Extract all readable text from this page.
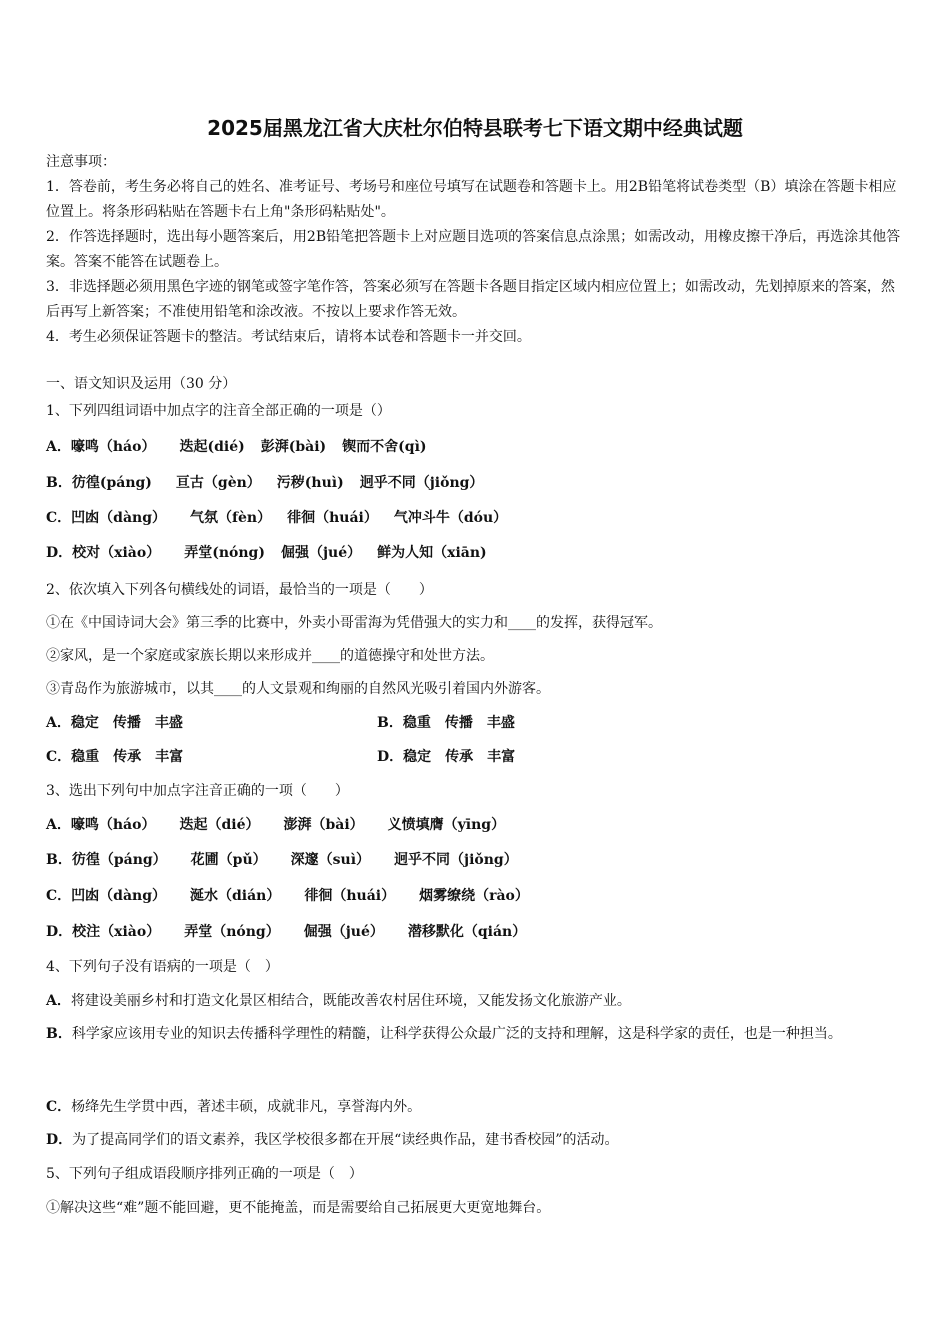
2025届黑龙江省大庆杜尔伯特县联考七下语文期中经典试题

注意事项：

1．答卷前，考生务必将自己的姓名、准考证号、考场号和座位号填写在试题卷和答题卡上。用2B铅笔将试卷类型（B）填涂在答题卡相应位置上。将条形码粘贴在答题卡右上角"条形码粘贴处"。

2．作答选择题时，选出每小题答案后，用2B铅笔把答题卡上对应题目选项的答案信息点涂黑；如需改动，用橡皮擦干净后，再选涂其他答案。答案不能答在试题卷上。

3．非选择题必须用黑色字迹的钢笔或签字笔作答，答案必须写在答题卡各题目指定区域内相应位置上；如需改动，先划掉原来的答案，然后再写上新答案；不准使用铅笔和涂改液。不按以上要求作答无效。

4．考生必须保证答题卡的整洁。考试结束后，请将本试卷和答题卡一并交回。

一、语文知识及运用（30 分）
1、下列四组词语中加点字的注音全部正确的一项是（）
A．嚎鸣（háo） 迭起(dié) 彭湃(bài) 锲而不舍(qì)
B．彷徨(páng) 亘古（gèn） 污秽(huì) 迥乎不同（jiǒng）
C．凹凼（dàng） 气氛（fèn） 徘徊（huái） 气冲斗牛（dóu）
D．校对（xiào） 弄堂(nóng) 倔强（jué） 鲜为人知（xiān)
2、依次填入下列各句横线处的词语，最恰当的一项是（　　）
①在《中国诗词大会》第三季的比赛中，外卖小哥雷海为凭借强大的实力和____的发挥，获得冠军。
②家风，是一个家庭或家族长期以来形成并____的道德操守和处世方法。
③青岛作为旅游城市，以其____的人文景观和绚丽的自然风光吸引着国内外游客。
A．稳定　传播　丰盛	B．稳重　传播　丰盛
C．稳重　传承　丰富	D．稳定　传承　丰富
3、选出下列句中加点字注音正确的一项（　　）
A．嚎鸣（háo） 迭起（dié） 澎湃（bài） 义愤填膺（yīng）
B．彷徨（páng） 花圃（pǔ） 深邃（suì） 迥乎不同（jiǒng）
C．凹凼（dàng） 涎水（dián） 徘徊（huái） 烟雾缭绕（rào）
D．校注（xiào） 弄堂（nóng） 倔强（jué） 潜移默化（qián）
4、下列句子没有语病的一项是（　）
A．将建设美丽乡村和打造文化景区相结合，既能改善农村居住环境，又能发扬文化旅游产业。
B．科学家应该用专业的知识去传播科学理性的精髓，让科学获得公众最广泛的支持和理解，这是科学家的责任，也是一种担当。
C．杨绛先生学贯中西，著述丰硕，成就非凡，享誉海内外。
D．为了提高同学们的语文素养，我区学校很多都在开展“读经典作品，建书香校园”的活动。
5、下列句子组成语段顺序排列正确的一项是（　）
①解决这些“难”题不能回避，更不能掩盖，而是需要给自己拓展更大更宽地舞台。
